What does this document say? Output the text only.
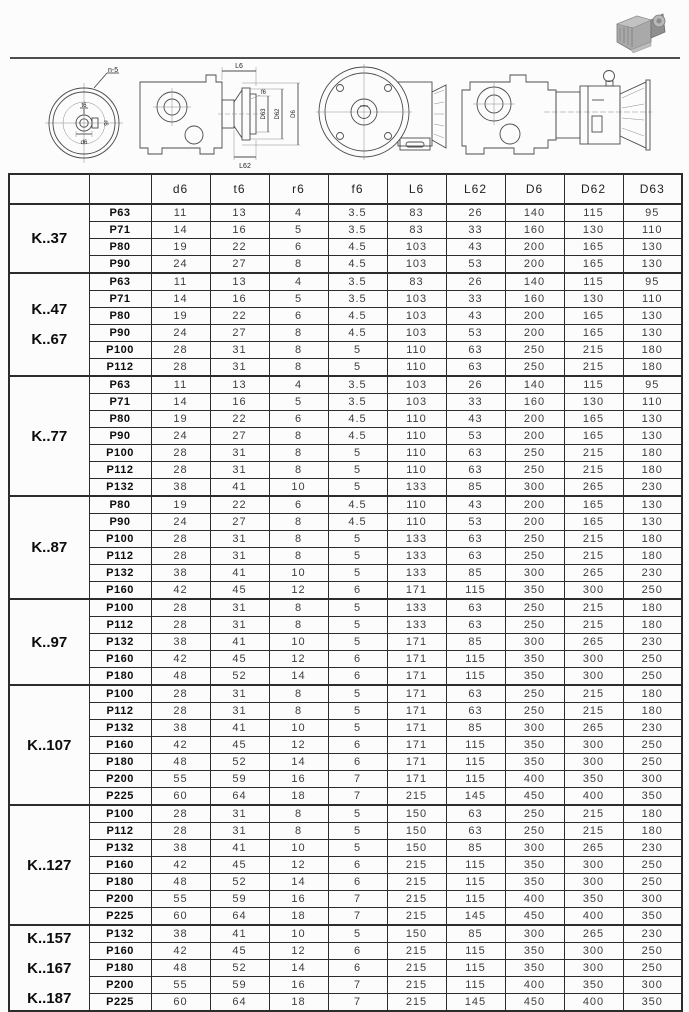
n-5
t6
r6
d6
L6
f6
D63 D62 D6
L62
		d6	t6	r6	f6	L6	L62	D6	D62	D63

K..37	P63	11	13	4	3.5	83	26	140	115	95
	P71	14	16	5	3.5	83	33	160	130	110
	P80	19	22	6	4.5	103	43	200	165	130
	P90	24	27	8	4.5	103	53	200	165	130

K..47
K..67	P63	11	13	4	3.5	83	26	140	115	95
	P71	14	16	5	3.5	103	33	160	130	110
	P80	19	22	6	4.5	103	43	200	165	130
	P90	24	27	8	4.5	103	53	200	165	130
	P100	28	31	8	5	110	63	250	215	180
	P112	28	31	8	5	110	63	250	215	180

K..77	P63	11	13	4	3.5	103	26	140	115	95
	P71	14	16	5	3.5	103	33	160	130	110
	P80	19	22	6	4.5	110	43	200	165	130
	P90	24	27	8	4.5	110	53	200	165	130
	P100	28	31	8	5	110	63	250	215	180
	P112	28	31	8	5	110	63	250	215	180
	P132	38	41	10	5	133	85	300	265	230

K..87	P80	19	22	6	4.5	110	43	200	165	130
	P90	24	27	8	4.5	110	53	200	165	130
	P100	28	31	8	5	133	63	250	215	180
	P112	28	31	8	5	133	63	250	215	180
	P132	38	41	10	5	133	85	300	265	230
	P160	42	45	12	6	171	115	350	300	250

K..97	P100	28	31	8	5	133	63	250	215	180
	P112	28	31	8	5	133	63	250	215	180
	P132	38	41	10	5	171	85	300	265	230
	P160	42	45	12	6	171	115	350	300	250
	P180	48	52	14	6	171	115	350	300	250

K..107	P100	28	31	8	5	171	63	250	215	180
	P112	28	31	8	5	171	63	250	215	180
	P132	38	41	10	5	171	85	300	265	230
	P160	42	45	12	6	171	115	350	300	250
	P180	48	52	14	6	171	115	350	300	250
	P200	55	59	16	7	171	115	400	350	300
	P225	60	64	18	7	215	145	450	400	350

K..127	P100	28	31	8	5	150	63	250	215	180
	P112	28	31	8	5	150	63	250	215	180
	P132	38	41	10	5	150	85	300	265	230
	P160	42	45	12	6	215	115	350	300	250
	P180	48	52	14	6	215	115	350	300	250
	P200	55	59	16	7	215	115	400	350	300
	P225	60	64	18	7	215	145	450	400	350

K..157
K..167
K..187	P132	38	41	10	5	150	85	300	265	230
	P160	42	45	12	6	215	115	350	300	250
	P180	48	52	14	6	215	115	350	300	250
	P200	55	59	16	7	215	115	400	350	300
	P225	60	64	18	7	215	145	450	400	350
